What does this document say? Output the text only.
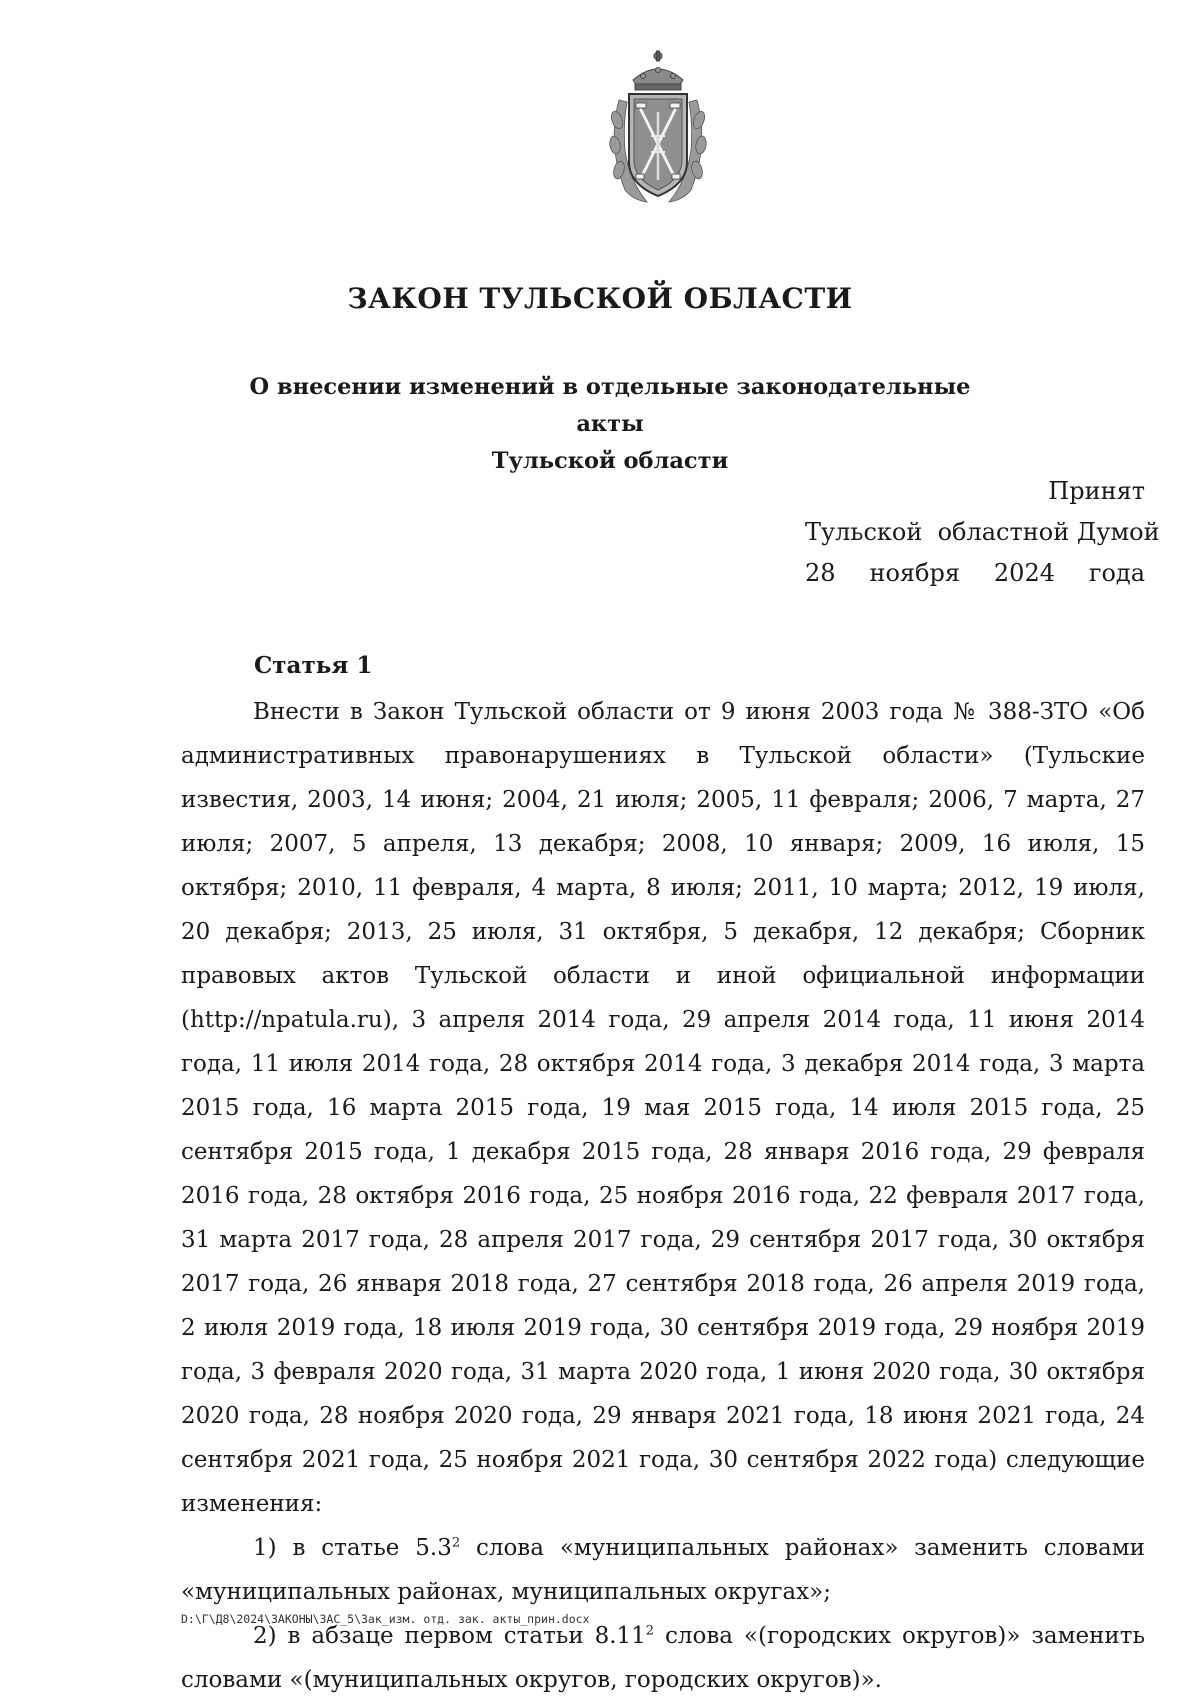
ЗАКОН ТУЛЬСКОЙ ОБЛАСТИ
О внесении изменений в отдельные законодательные акты
Тульской области
Принят
Тульской  областной Думой
28 ноября 2024 года
Статья 1

Внести в Закон Тульской области от 9 июня 2003 года № 388-ЗТО «Об административных правонарушениях в Тульской области» (Тульские известия, 2003, 14 июня; 2004, 21 июля; 2005, 11 февраля; 2006, 7 марта, 27 июля; 2007, 5 апреля, 13 декабря; 2008, 10 января; 2009, 16 июля, 15 октября; 2010, 11 февраля, 4 марта, 8 июля; 2011, 10 марта; 2012, 19 июля, 20 декабря; 2013, 25 июля, 31 октября, 5 декабря, 12 декабря; Сборник правовых актов Тульской области и иной официальной информации (http://npatula.ru), 3 апреля 2014 года, 29 апреля 2014 года, 11 июня 2014 года, 11 июля 2014 года, 28 октября 2014 года, 3 декабря 2014 года, 3 марта 2015 года, 16 марта 2015 года, 19 мая 2015 года, 14 июля 2015 года, 25 сентября 2015 года, 1 декабря 2015 года, 28 января 2016 года, 29 февраля 2016 года, 28 октября 2016 года, 25 ноября 2016 года, 22 февраля 2017 года, 31 марта 2017 года, 28 апреля 2017 года, 29 сентября 2017 года, 30 октября 2017 года, 26 января 2018 года, 27 сентября 2018 года, 26 апреля 2019 года, 2 июля 2019 года, 18 июля 2019 года, 30 сентября 2019 года, 29 ноября 2019 года, 3 февраля 2020 года, 31 марта 2020 года, 1 июня 2020 года, 30 октября 2020 года, 28 ноября 2020 года, 29 января 2021 года, 18 июня 2021 года, 24 сентября 2021 года, 25 ноября 2021 года, 30 сентября 2022 года) следующие изменения:

1) в статье $5.3^2$ слова «муниципальных районах» заменить словами «муниципальных районах, муниципальных округах»;

2) в абзаце первом статьи 8.11$^2$ слова «(городских округов)» заменить словами «(муниципальных округов, городских округов)».

D:\Г\Д8\2024\ЗАКОНЫ\ЗАС_5\Зак_изм. отд. зак. акты_прин.docx
